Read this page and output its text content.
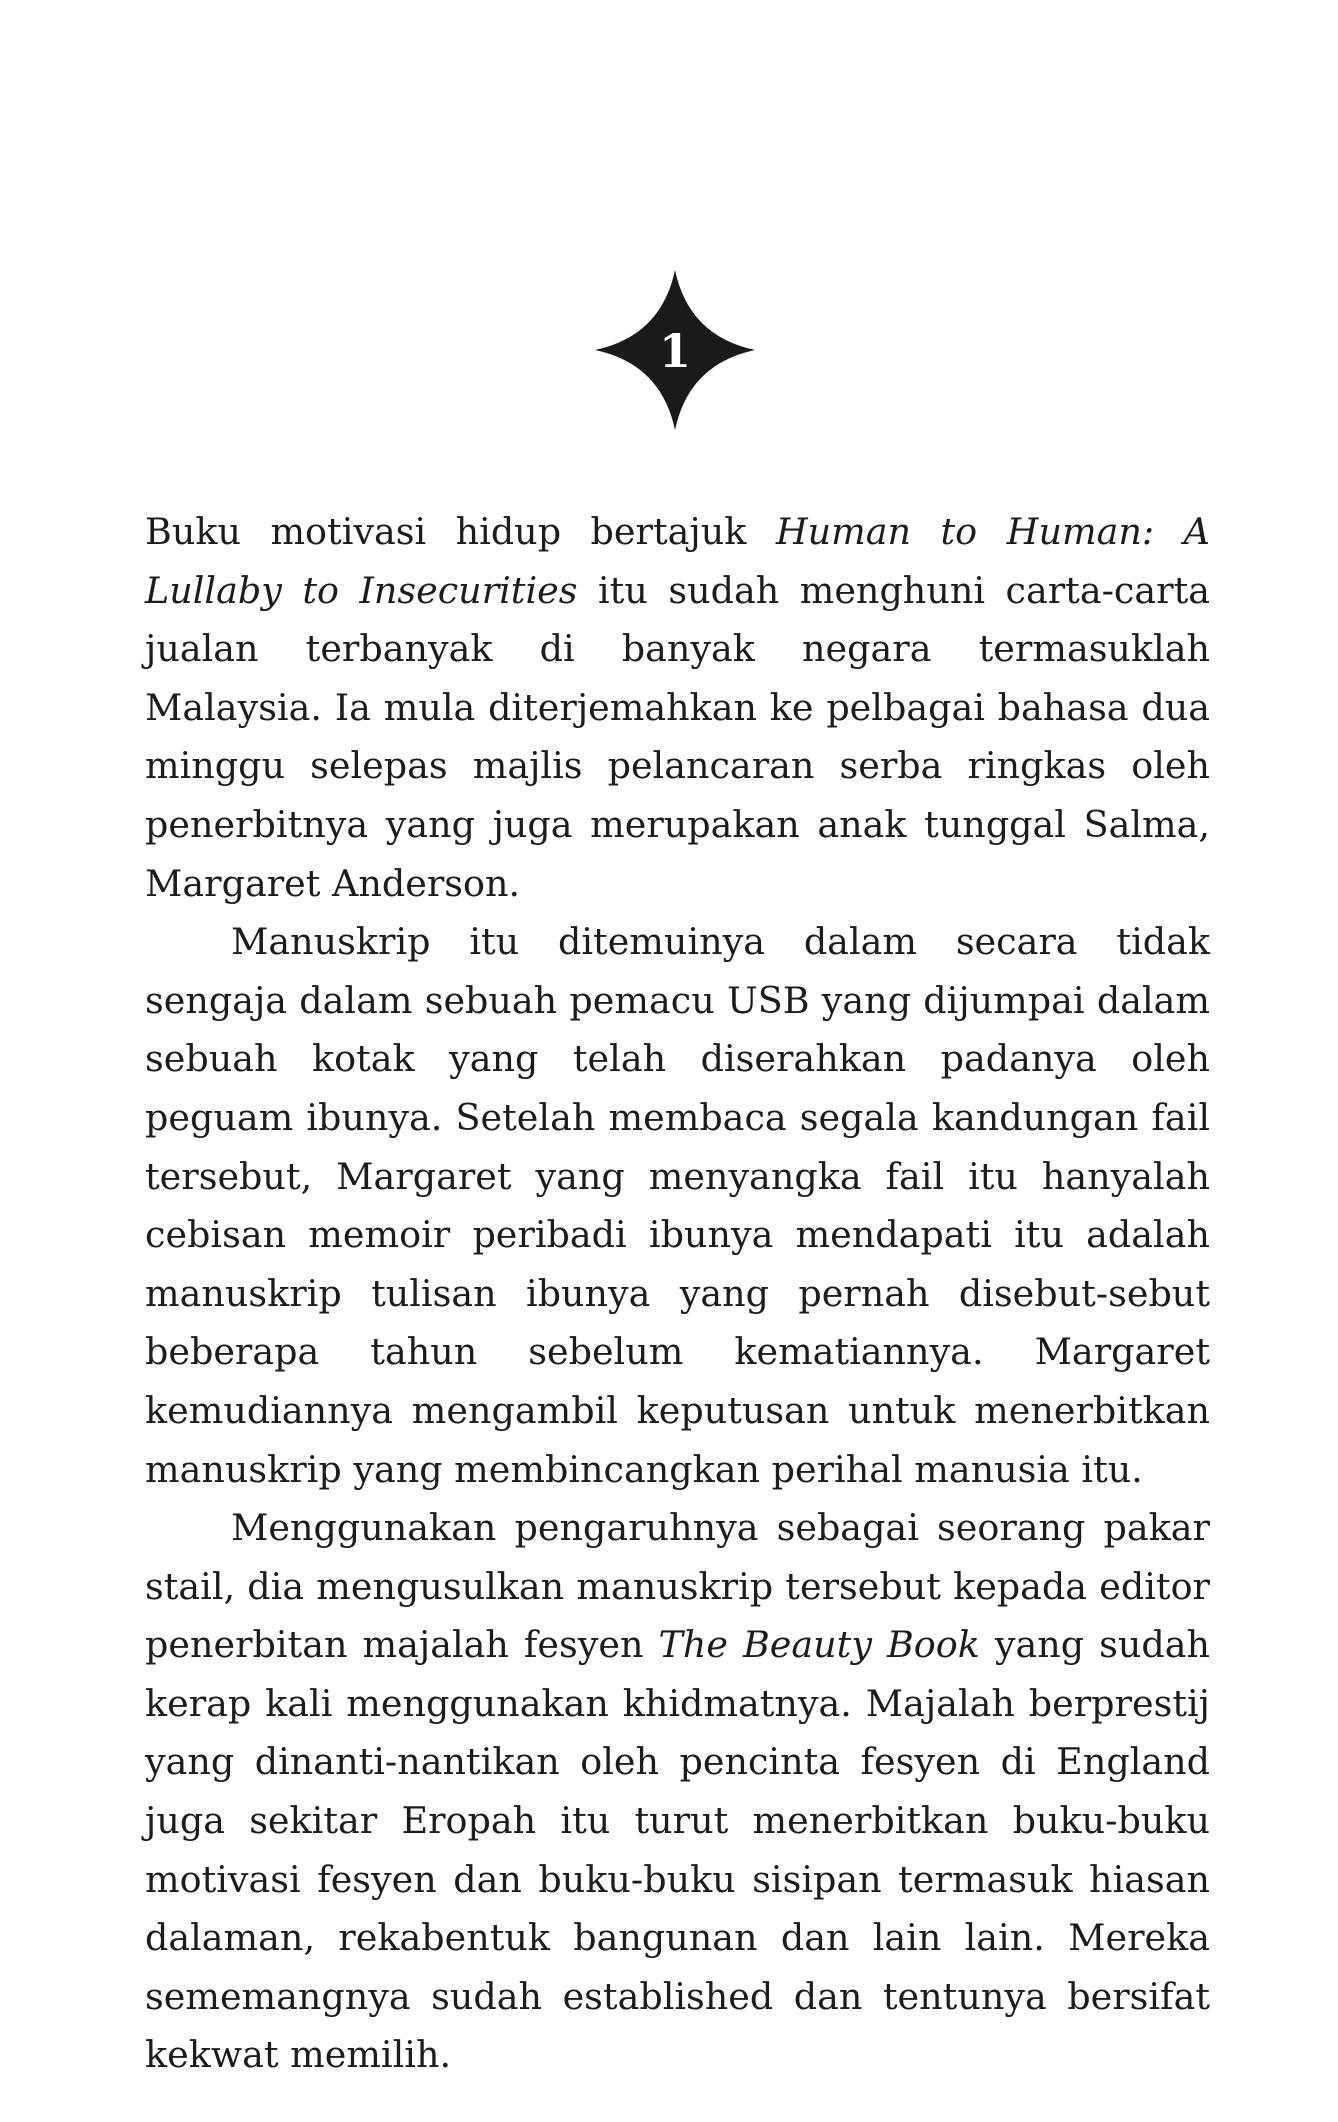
1

Buku motivasi hidup bertajuk Human to Human: A Lullaby to Insecurities itu sudah menghuni carta-carta jualan terbanyak di banyak negara termasuklah Malaysia. Ia mula diterjemahkan ke pelbagai bahasa dua minggu selepas majlis pelancaran serba ringkas oleh penerbitnya yang juga merupakan anak tunggal Salma, Margaret Anderson.

Manuskrip itu ditemuinya dalam secara tidak sengaja dalam sebuah pemacu USB yang dijumpai dalam sebuah kotak yang telah diserahkan padanya oleh peguam ibunya. Setelah membaca segala kandungan fail tersebut, Margaret yang menyangka fail itu hanyalah cebisan memoir peribadi ibunya mendapati itu adalah manuskrip tulisan ibunya yang pernah disebut-sebut beberapa tahun sebelum kematiannya. Margaret kemudiannya mengambil keputusan untuk menerbitkan manuskrip yang membincangkan perihal manusia itu.

Menggunakan pengaruhnya sebagai seorang pakar stail, dia mengusulkan manuskrip tersebut kepada editor penerbitan majalah fesyen The Beauty Book yang sudah kerap kali menggunakan khidmatnya. Majalah berprestij yang dinanti-nantikan oleh pencinta fesyen di England juga sekitar Eropah itu turut menerbitkan buku-buku motivasi fesyen dan buku-buku sisipan termasuk hiasan dalaman, rekabentuk bangunan dan lain lain. Mereka sememangnya sudah established dan tentunya bersifat kekwat memilih.
